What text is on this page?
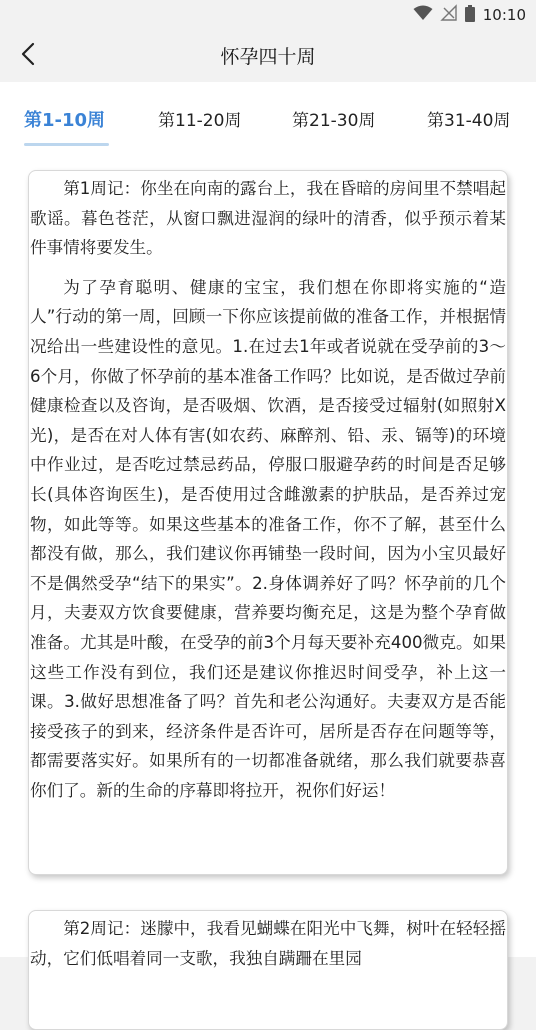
10:10
怀孕四十周
第1-10周	第11-20周	第21-30周	第31-40周

第1周记：你坐在向南的露台上，我在昏暗的房间里不禁唱起歌谣。暮色苍茫，从窗口飘进湿润的绿叶的清香，似乎预示着某件事情将要发生。

为了孕育聪明、健康的宝宝，我们想在你即将实施的“造人”行动的第一周，回顾一下你应该提前做的准备工作，并根据情况给出一些建设性的意见。1.在过去1年或者说就在受孕前的3～6个月，你做了怀孕前的基本准备工作吗？比如说，是否做过孕前健康检查以及咨询，是否吸烟、饮酒，是否接受过辐射(如照射X光)，是否在对人体有害(如农药、麻醉剂、铅、汞、镉等)的环境中作业过，是否吃过禁忌药品，停服口服避孕药的时间是否足够长(具体咨询医生)，是否使用过含雌激素的护肤品，是否养过宠物，如此等等。如果这些基本的准备工作，你不了解，甚至什么都没有做，那么，我们建议你再铺垫一段时间，因为小宝贝最好不是偶然受孕“结下的果实”。2.身体调养好了吗？怀孕前的几个月，夫妻双方饮食要健康，营养要均衡充足，这是为整个孕育做准备。尤其是叶酸，在受孕的前3个月每天要补充400微克。如果这些工作没有到位，我们还是建议你推迟时间受孕，补上这一课。3.做好思想准备了吗？首先和老公沟通好。夫妻双方是否能接受孩子的到来，经济条件是否许可，居所是否存在问题等等，都需要落实好。如果所有的一切都准备就绪，那么我们就要恭喜你们了。新的生命的序幕即将拉开，祝你们好运！

第2周记：迷朦中，我看见蝴蝶在阳光中飞舞，树叶在轻轻摇动，它们低唱着同一支歌，我独自蹒跚在里园
